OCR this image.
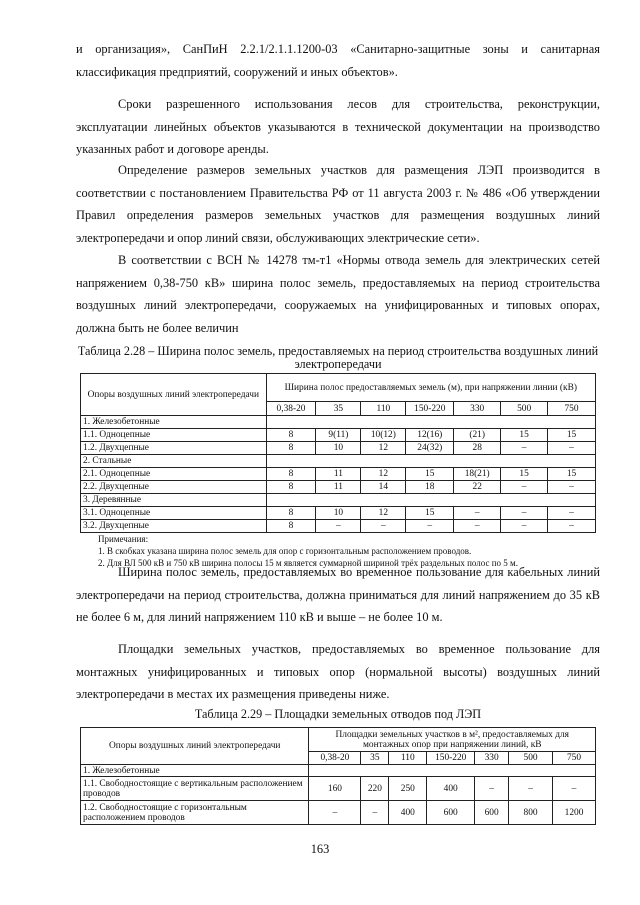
и организация», СанПиН 2.2.1/2.1.1.1200-03 «Санитарно-защитные зоны и санитарная классификация предприятий, сооружений и иных объектов».

Сроки разрешенного использования лесов для строительства, реконструкции, эксплуатации линейных объектов указываются в технической документации на производство указанных работ и договоре аренды.

Определение размеров земельных участков для размещения ЛЭП производится в соответствии с постановлением Правительства РФ от 11 августа 2003 г. № 486 «Об утверждении Правил определения размеров земельных участков для размещения воздушных линий электропередачи и опор линий связи, обслуживающих электрические сети».

В соответствии с ВСН № 14278 тм-т1 «Нормы отвода земель для электрических сетей напряжением 0,38-750 кВ» ширина полос земель, предоставляемых на период строительства воздушных линий электропередачи, сооружаемых на унифицированных и типовых опорах, должна быть не более величин

Таблица 2.28 – Ширина полос земель, предоставляемых на период строительства воздушных линий электропередачи

Опоры воздушных линий электропередачи	Ширина полос предоставляемых земель (м), при напряжении линии (кВ)						
	0,38-20	35	110	150-220	330	500	750
1. Железобетонные							
1.1. Одноцепные	8	9(11)	10(12)	12(16)	(21)	15	15
1.2. Двухцепные	8	10	12	24(32)	28	–	–
2. Стальные							
2.1. Одноцепные	8	11	12	15	18(21)	15	15
2.2. Двухцепные	8	11	14	18	22	–	–
3. Деревянные							
3.1. Одноцепные	8	10	12	15	–	–	–
3.2. Двухцепные	8	–	–	–	–	–	–
Примечания:
1. В скобках указана ширина полос земель для опор с горизонтальным расположением проводов.
2. Для ВЛ 500 кВ и 750 кВ ширина полосы 15 м является суммарной шириной трёх раздельных полос по 5 м.

Ширина полос земель, предоставляемых во временное пользование для кабельных линий электропередачи на период строительства, должна приниматься для линий напряжением до 35 кВ не более 6 м, для линий напряжением 110 кВ и выше – не более 10 м.

Площадки земельных участков, предоставляемых во временное пользование для монтажных унифицированных и типовых опор (нормальной высоты) воздушных линий электропередачи в местах их размещения приведены ниже.

Таблица 2.29 – Площадки земельных отводов под ЛЭП

Опоры воздушных линий электропередачи	Площадки земельных участков в м², предоставляемых для монтажных опор при напряжении линий, кВ						
	0,38-20	35	110	150-220	330	500	750
1. Железобетонные							
1.1. Свободностоящие с вертикальным расположением проводов	160	220	250	400	–	–	–
1.2. Свободностоящие с горизонтальным расположением проводов	–	–	400	600	600	800	1200
163
